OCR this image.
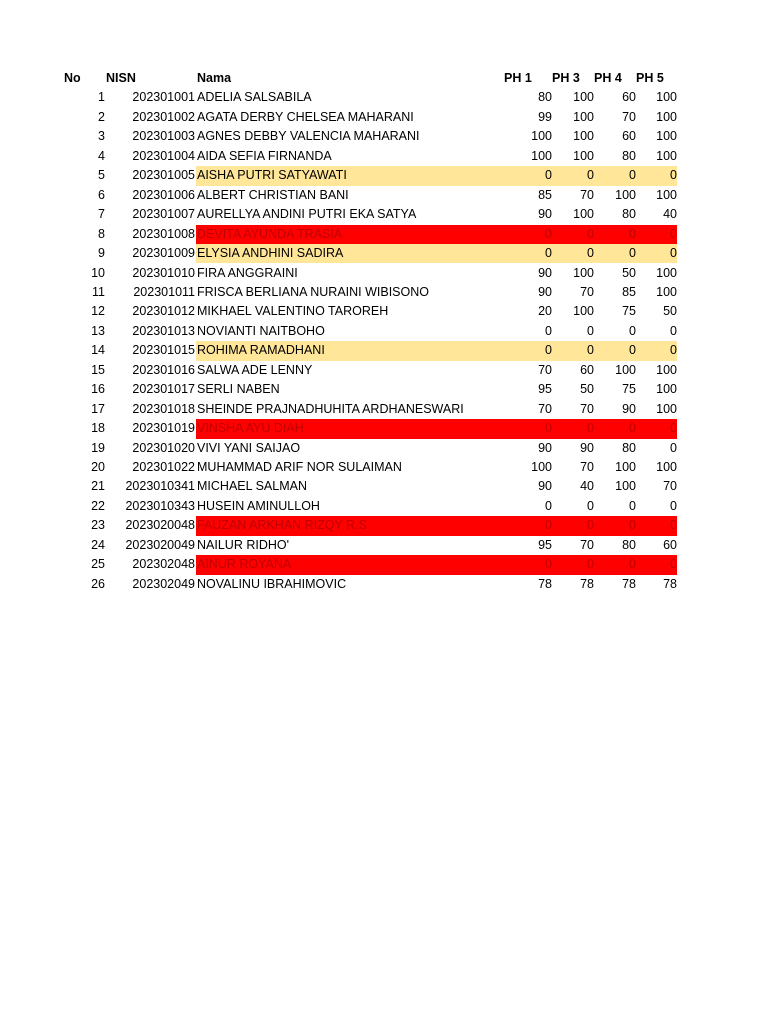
No	NISN	Nama	PH 1	PH 3	PH 4	PH 5
1	202301001 ADELIA SALSABILA	80	100	60	100
2	202301002 AGATA DERBY CHELSEA MAHARANI	99	100	70	100
3	202301003 AGNES DEBBY VALENCIA MAHARANI	100	100	60	100
4	202301004 AIDA SEFIA FIRNANDA	100	100	80	100
5	202301005 AISHA PUTRI SATYAWATI	0	0	0	0
6	202301006 ALBERT CHRISTIAN BANI	85	70	100	100
7	202301007 AURELLYA ANDINI PUTRI EKA SATYA	90	100	80	40
8	202301008 DEVITA AYUNDA TRASIA	0	0	0	0
9	202301009 ELYSIA ANDHINI SADIRA	0	0	0	0
10	202301010 FIRA ANGGRAINI	90	100	50	100
11	202301011 FRISCA BERLIANA NURAINI WIBISONO	90	70	85	100
12	202301012 MIKHAEL VALENTINO TAROREH	20	100	75	50
13	202301013 NOVIANTI NAITBOHO	0	0	0	0
14	202301015 ROHIMA RAMADHANI	0	0	0	0
15	202301016 SALWA ADE LENNY	70	60	100	100
16	202301017 SERLI NABEN	95	50	75	100
17	202301018 SHEINDE PRAJNADHUHITA ARDHANESWARI	70	70	90	100
18	202301019 VINSHA AYU DIAH	0	0	0	0
19	202301020 VIVI YANI SAIJAO	90	90	80	0
20	202301022 MUHAMMAD ARIF NOR SULAIMAN	100	70	100	100
21	2023010341 MICHAEL SALMAN	90	40	100	70
22	2023010343 HUSEIN AMINULLOH	0	0	0	0
23	2023020048 FAUZAN ARKHAN RIZQY R.S	0	0	0	0
24	2023020049 NAILUR RIDHO'	95	70	80	60
25	202302048 AINUR ROYANA	0	0	0	0
26	202302049 NOVALINU IBRAHIMOVIC	78	78	78	78
